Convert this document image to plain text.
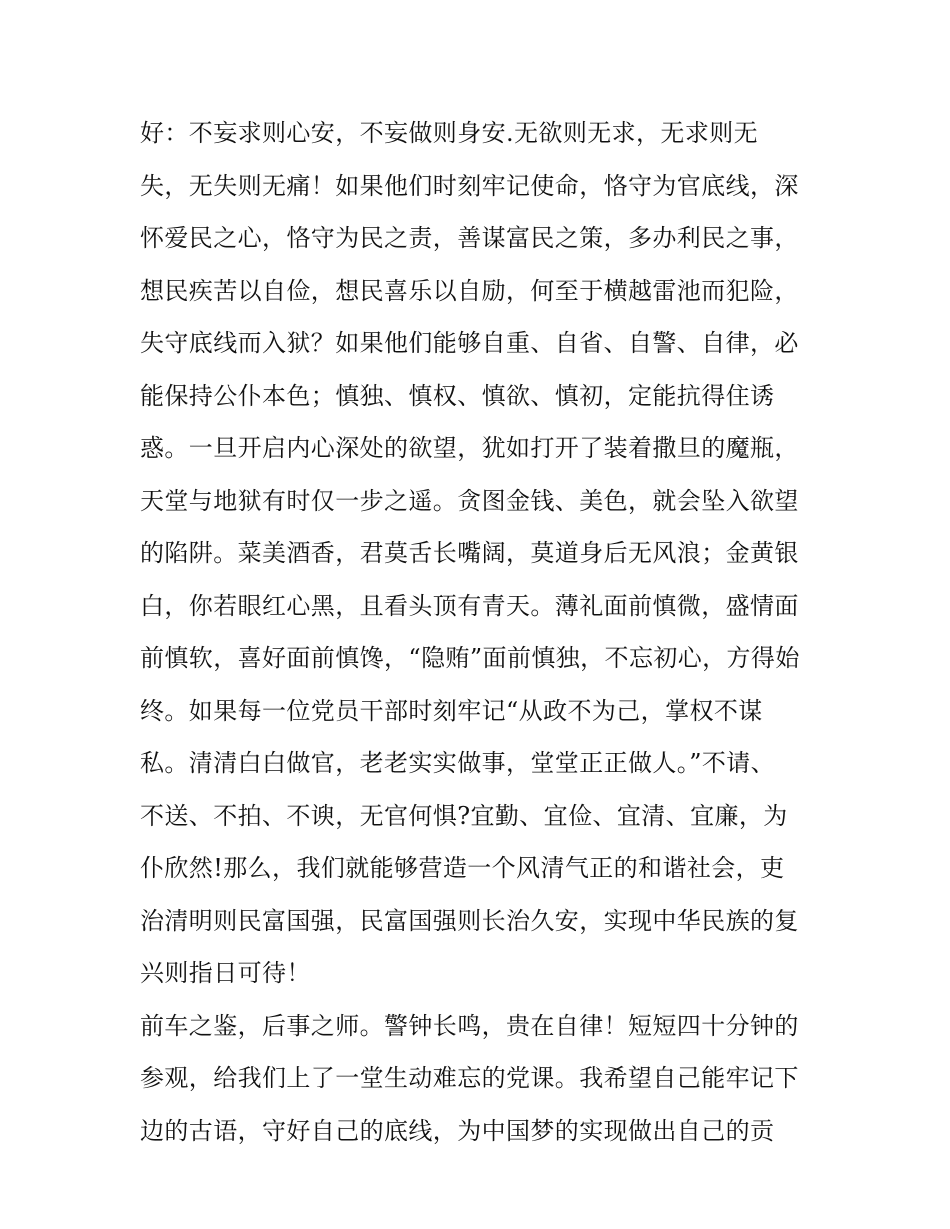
好：不妄求则心安，不妄做则身安.无欲则无求，无求则无
失，无失则无痛！如果他们时刻牢记使命，恪守为官底线，深
怀爱民之心，恪守为民之责，善谋富民之策，多办利民之事，
想民疾苦以自俭，想民喜乐以自励，何至于横越雷池而犯险，
失守底线而入狱？如果他们能够自重、自省、自警、自律，必
能保持公仆本色；慎独、慎权、慎欲、慎初，定能抗得住诱
惑。一旦开启内心深处的欲望，犹如打开了装着撒旦的魔瓶，
天堂与地狱有时仅一步之遥。贪图金钱、美色，就会坠入欲望
的陷阱。菜美酒香，君莫舌长嘴阔，莫道身后无风浪；金黄银
白，你若眼红心黑，且看头顶有青天。薄礼面前慎微，盛情面
前慎软，喜好面前慎馋，“隐贿”面前慎独，不忘初心，方得始
终。如果每一位党员干部时刻牢记“从政不为己，掌权不谋
私。清清白白做官，老老实实做事，堂堂正正做人。”不请、
不送、不拍、不谀，无官何惧?宜勤、宜俭、宜清、宜廉，为
仆欣然!那么，我们就能够营造一个风清气正的和谐社会，吏
治清明则民富国强，民富国强则长治久安，实现中华民族的复
兴则指日可待！
前车之鉴，后事之师。警钟长鸣，贵在自律！短短四十分钟的
参观，给我们上了一堂生动难忘的党课。我希望自己能牢记下
边的古语，守好自己的底线，为中国梦的实现做出自己的贡
